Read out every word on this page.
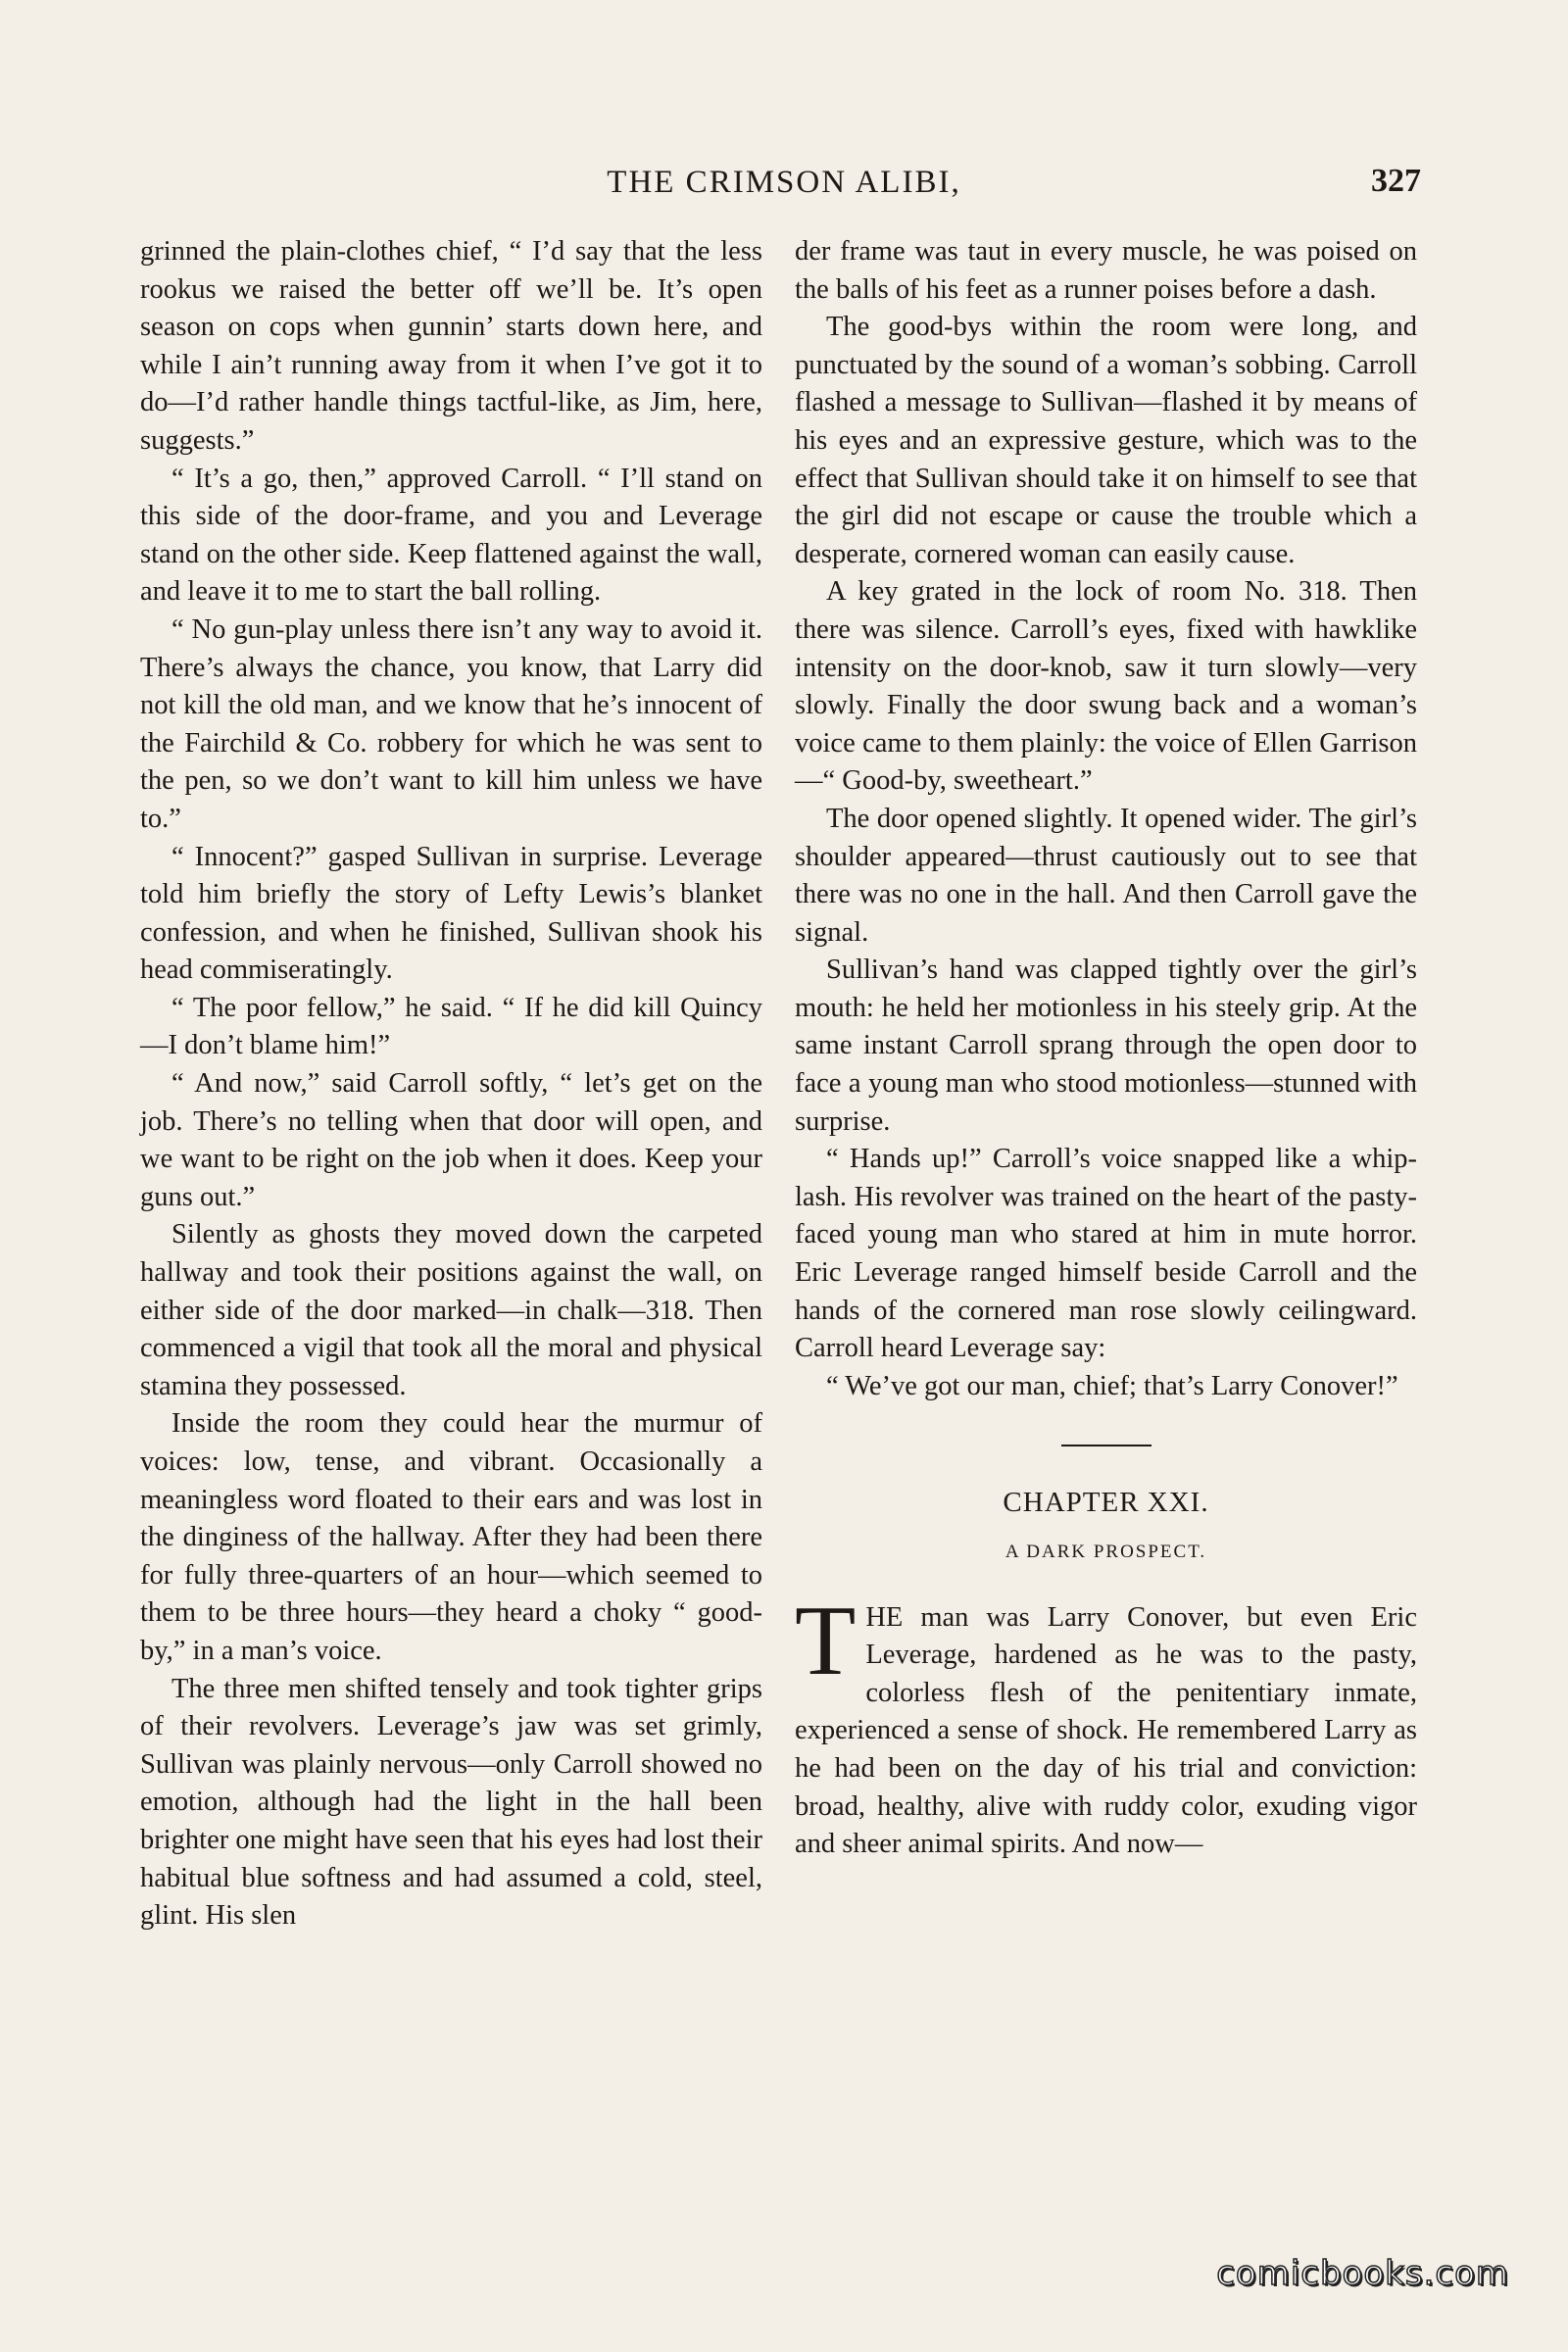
THE CRIMSON ALIBI,	327

grinned the plain-clothes chief, “ I’d say that the less rookus we raised the better off we’ll be. It’s open season on cops when gunnin’ starts down here, and while I ain’t running away from it when I’ve got it to do—I’d rather handle things tactful-like, as Jim, here, suggests.”

“ It’s a go, then,” approved Carroll. “ I’ll stand on this side of the door-frame, and you and Leverage stand on the other side. Keep flattened against the wall, and leave it to me to start the ball rolling.

“ No gun-play unless there isn’t any way to avoid it. There’s always the chance, you know, that Larry did not kill the old man, and we know that he’s innocent of the Fairchild & Co. robbery for which he was sent to the pen, so we don’t want to kill him unless we have to.”

“ Innocent?” gasped Sullivan in surprise. Leverage told him briefly the story of Lefty Lewis’s blanket confession, and when he finished, Sullivan shook his head commiseratingly.

“ The poor fellow,” he said. “ If he did kill Quincy—I don’t blame him!”

“ And now,” said Carroll softly, “ let’s get on the job. There’s no telling when that door will open, and we want to be right on the job when it does. Keep your guns out.”

Silently as ghosts they moved down the carpeted hallway and took their positions against the wall, on either side of the door marked—in chalk—318. Then commenced a vigil that took all the moral and physical stamina they possessed.

Inside the room they could hear the murmur of voices: low, tense, and vibrant. Occasionally a meaningless word floated to their ears and was lost in the dinginess of the hallway. After they had been there for fully three-quarters of an hour—which seemed to them to be three hours—they heard a choky “ good-by,” in a man’s voice.

The three men shifted tensely and took tighter grips of their revolvers. Leverage’s jaw was set grimly, Sullivan was plainly nervous—only Carroll showed no emotion, although had the light in the hall been brighter one might have seen that his eyes had lost their habitual blue softness and had assumed a cold, steel, glint. His slen

der frame was taut in every muscle, he was poised on the balls of his feet as a runner poises before a dash.

The good-bys within the room were long, and punctuated by the sound of a woman’s sobbing. Carroll flashed a message to Sullivan—flashed it by means of his eyes and an expressive gesture, which was to the effect that Sullivan should take it on himself to see that the girl did not escape or cause the trouble which a desperate, cornered woman can easily cause.

A key grated in the lock of room No. 318. Then there was silence. Carroll’s eyes, fixed with hawklike intensity on the door-knob, saw it turn slowly—very slowly. Finally the door swung back and a woman’s voice came to them plainly: the voice of Ellen Garrison—“ Good-by, sweetheart.”

The door opened slightly. It opened wider. The girl’s shoulder appeared—thrust cautiously out to see that there was no one in the hall. And then Carroll gave the signal.

Sullivan’s hand was clapped tightly over the girl’s mouth: he held her motionless in his steely grip. At the same instant Carroll sprang through the open door to face a young man who stood motionless—stunned with surprise.

“ Hands up!” Carroll’s voice snapped like a whip-lash. His revolver was trained on the heart of the pasty-faced young man who stared at him in mute horror. Eric Leverage ranged himself beside Carroll and the hands of the cornered man rose slowly ceilingward. Carroll heard Leverage say:

“ We’ve got our man, chief; that’s Larry Conover!”

CHAPTER XXI.
A DARK PROSPECT.

THE man was Larry Conover, but even Eric Leverage, hardened as he was to the pasty, colorless flesh of the penitentiary inmate, experienced a sense of shock. He remembered Larry as he had been on the day of his trial and conviction: broad, healthy, alive with ruddy color, exuding vigor and sheer animal spirits. And now—

comicbooks.com
